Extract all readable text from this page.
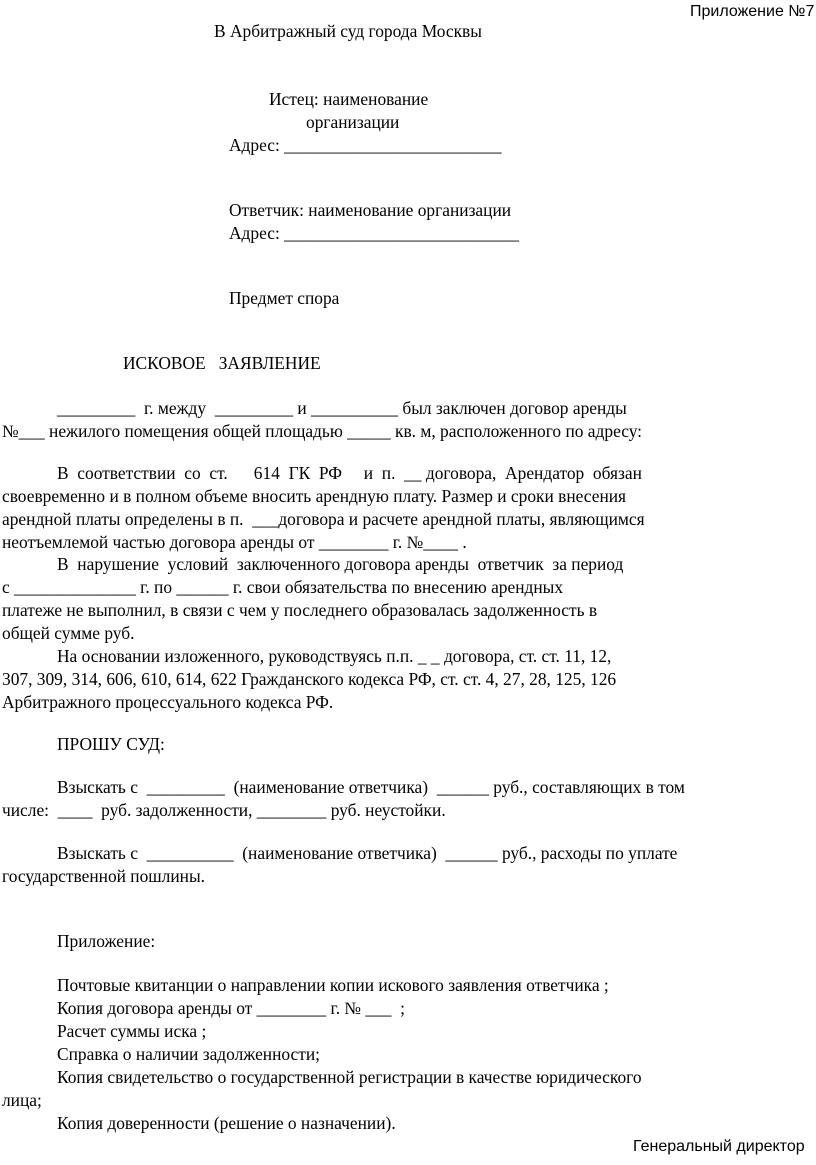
Приложение №7
В Арбитражный суд города Москвы
Истец: наименование
организации
Адрес: _________________________
Ответчик: наименование организации
Адрес: ___________________________
Предмет спора
ИСКОВОЕ   ЗАЯВЛЕНИЕ
_________  г. между  _________ и __________ был заключен договор аренды
№___ нежилого помещения общей площадью _____ кв. м, расположенного по адресу:
В  соответствии  со  ст.      614  ГК  РФ     и  п.  __ договора,  Арендатор  обязан
своевременно и в полном объеме вносить арендную плату. Размер и сроки внесения
арендной платы определены в п.  ___договора и расчете арендной платы, являющимся
неотъемлемой частью договора аренды от ________ г. №____ .
В  нарушение  условий  заключенного договора аренды  ответчик  за период
с ______________ г. по ______ г. свои обязательства по внесению арендных
платеже не выполнил, в связи с чем у последнего образовалась задолженность в
общей сумме руб.
На основании изложенного, руководствуясь п.п. _ _ договора, ст. ст. 11, 12,
307, 309, 314, 606, 610, 614, 622 Гражданского кодекса РФ, ст. ст. 4, 27, 28, 125, 126
Арбитражного процессуального кодекса РФ.
ПРОШУ СУД:
Взыскать с  _________  (наименование ответчика)  ______ руб., составляющих в том
числе:  ____  руб. задолженности, ________ руб. неустойки.
Взыскать с  __________  (наименование ответчика)  ______ руб., расходы по уплате
государственной пошлины.
Приложение:
Почтовые квитанции о направлении копии искового заявления ответчика ;
Копия договора аренды от ________ г. № ___  ;
Расчет суммы иска ;
Справка о наличии задолженности;
Копия свидетельство о государственной регистрации в качестве юридического
лица;
Копия доверенности (решение о назначении).
Генеральный директор
